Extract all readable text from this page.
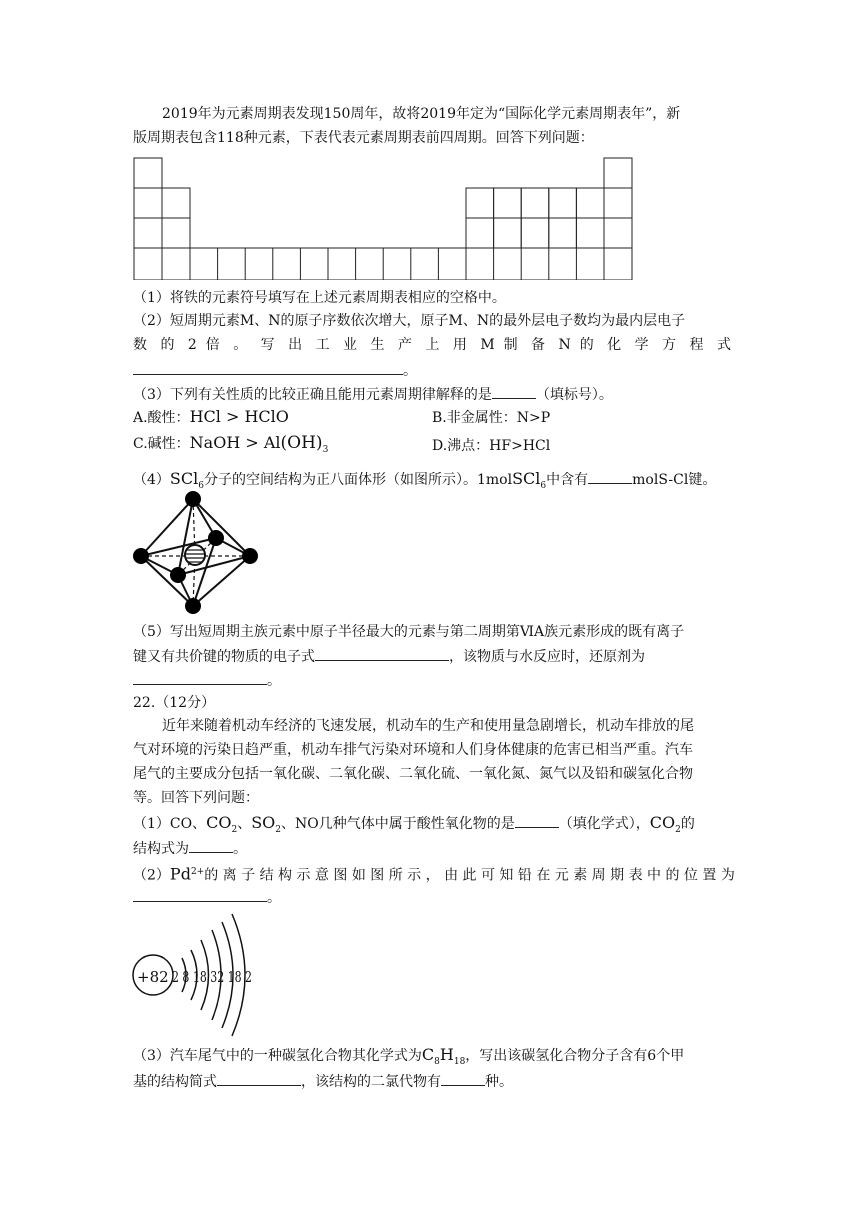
2019年为元素周期表发现150周年，故将2019年定为“国际化学元素周期表年”，新
版周期表包含118种元素，下表代表元素周期表前四周期。回答下列问题：
（1）将铁的元素符号填写在上述元素周期表相应的空格中。
（2）短周期元素M、N的原子序数依次增大，原子M、N的最外层电子数均为最内层电子
数 的 2 倍 。 写 出 工 业 生 产 上 用 M 制 备 N 的 化 学 方 程 式
。
（3）下列有关性质的比较正确且能用元素周期律解释的是	（填标号）。
A.酸性：HCl > HClO	B.非金属性：N>P
C.碱性：NaOH > $Al(OH)_3$	D.沸点：HF>HCl
（4）SCl$_6$分子的空间结构为正八面体形（如图所示）。1molSCl$_6$中含有	molS-Cl键。
（5）写出短周期主族元素中原子半径最大的元素与第二周期第ⅥA族元素形成的既有离子
键又有共价键的物质的电子式	，该物质与水反应时，还原剂为
。
22.（12分）
近年来随着机动车经济的飞速发展，机动车的生产和使用量急剧增长，机动车排放的尾
气对环境的污染日趋严重，机动车排气污染对环境和人们身体健康的危害已相当严重。汽车
尾气的主要成分包括一氧化碳、二氧化碳、二氧化硫、一氧化氮、氮气以及铅和碳氢化合物
等。回答下列问题：
（1）CO、$CO_2$、$SO_2$、NO几种气体中属于酸性氧化物的是	（填化学式），$CO_2$的
结构式为	。
$(2)Pd^{2+}$的 离 子 结 构 示 意 图 如 图 所 示 ， 由 此 可 知 铅 在 元 素 周 期 表 中 的 位 置 为
。
+82 2 8 18 32 18 2
（3）汽车尾气中的一种碳氢化合物其化学式为$C_8H_{18}$，写出该碳氢化合物分子含有6个甲
基的结构简式	，该结构的二氯代物有	种。
